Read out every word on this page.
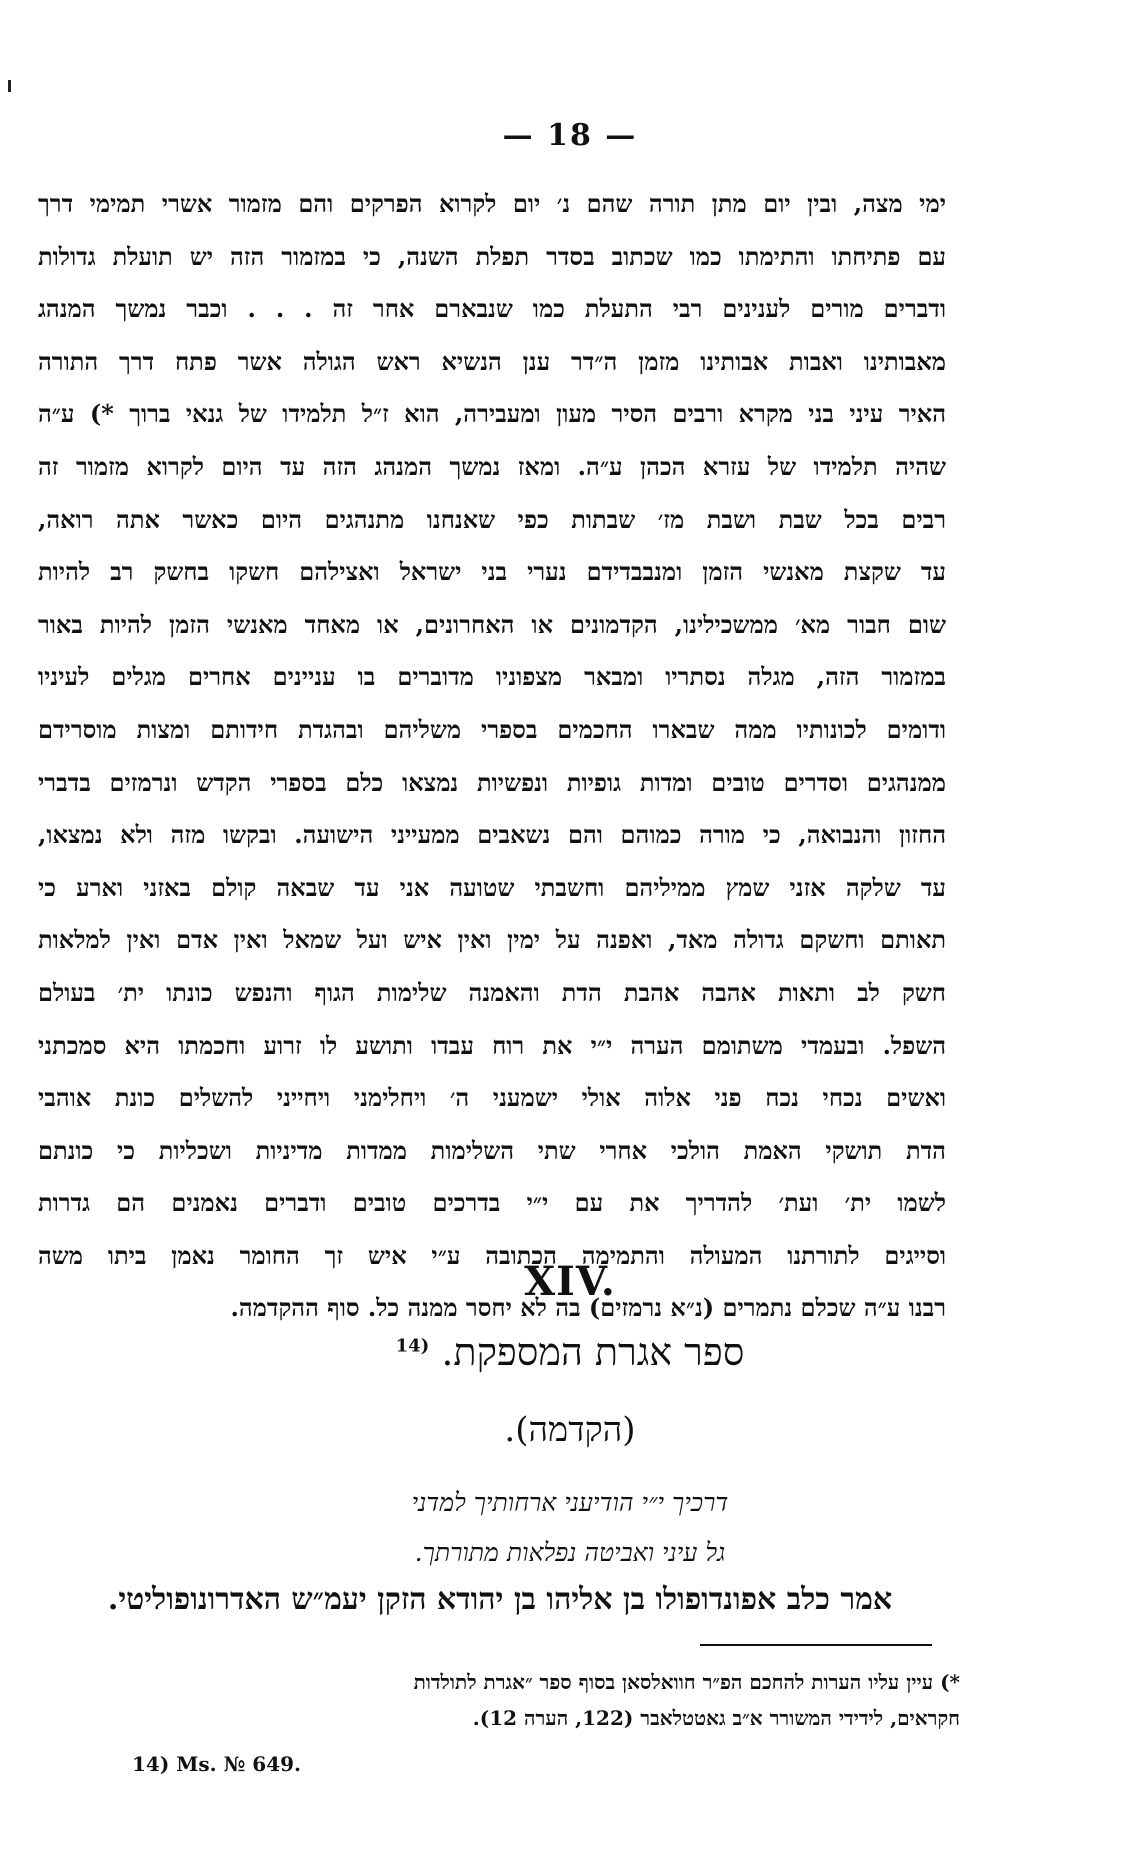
— 18 —
ימי מצה, ובין יום מתן תורה שהם נ׳ יום לקרוא הפרקים והם מזמור אשרי תמימי דרך
עם פתיחתו והתימתו כמו שכתוב בסדר תפלת השנה, כי במזמור הזה יש תועלת גדולות
ודברים מורים לענינים רבי התעלת כמו שנבארם אחר זה . . . וכבר נמשך המנהג
מאבותינו ואבות אבותינו מזמן ה״דר ענן הנשיא ראש הגולה אשר פתח דרך התורה
האיר עיני בני מקרא ורבים הסיר מעון ומעבירה, הוא ז״ל תלמידו של גנאי ברוך *) ע״ה
שהיה תלמידו של עזרא הכהן ע״ה. ומאז נמשך המנהג הזה עד היום לקרוא מזמור זה
רבים בכל שבת ושבת מז׳ שבתות כפי שאנחנו מתנהגים היום כאשר אתה רואה,
עד שקצת מאנשי הזמן ומנבבדידם נערי בני ישראל ואצילהם חשקו בחשק רב להיות
שום חבור מא׳ ממשכילינו, הקדמונים או האחרונים, או מאחד מאנשי הזמן להיות באור
במזמור הזה, מגלה נסתריו ומבאר מצפוניו מדוברים בו עניינים אחרים מגלים לעיניו
ודומים לכונותיו ממה שבארו החכמים בספרי משליהם ובהגדת חידותם ומצות מוסרידם
ממנהגים וסדרים טובים ומדות גופיות ונפשיות נמצאו כלם בספרי הקדש ונרמזים בדברי
החזון והנבואה, כי מורה כמוהם והם נשאבים ממעייני הישועה. ובקשו מזה ולא נמצאו,
עד שלקה אזני שמץ ממיליהם וחשבתי שטועה אני עד שבאה קולם באזני וארע כי
תאותם וחשקם גדולה מאד, ואפנה על ימין ואין איש ועל שמאל ואין אדם ואין למלאות
חשק לב ותאות אהבה אהבת הדת והאמנה שלימות הגוף והנפש כונתו ית׳ בעולם
השפל. ובעמדי משתומם הערה י״י את רוח עבדו ותושע לו זרוע וחכמתו היא סמכתני
ואשים נכחי נכח פני אלוה אולי ישמעני ה׳ ויחלימני ויחייני להשלים כונת אוהבי
הדת תושקי האמת הולכי אחרי שתי השלימות ממדות מדיניות ושכליות כי כונתם
לשמו ית׳ ועת׳ להדריך את עם י״י בדרכים טובים ודברים נאמנים הם גדרות
וסייגים לתורתנו המעולה והתמימה הכתובה ע״י איש זך החומר נאמן ביתו משה
רבנו ע״ה שכלם נתמרים (נ״א נרמזים) בה לא יחסר ממנה כל. סוף ההקדמה.
XIV.
ספר אגרת המספקת. $^{(14}$
(הקדמה).
דרכיך י״י הודיעני ארחותיך למדני
גל עיני ואביטה נפלאות מתורתך.
אמר כלב אפונדופולו בן אליהו בן יהודא הזקן יעמ״ש האדרונופוליטי.
*) עיין עליו הערות להחכם הפ״ר חוואלסאן בסוף ספר ״אגרת לתולדות
חקראים, לידידי המשורר א״ב גאטטלאבר (122, הערה 12).
14) Ms. № 649.
